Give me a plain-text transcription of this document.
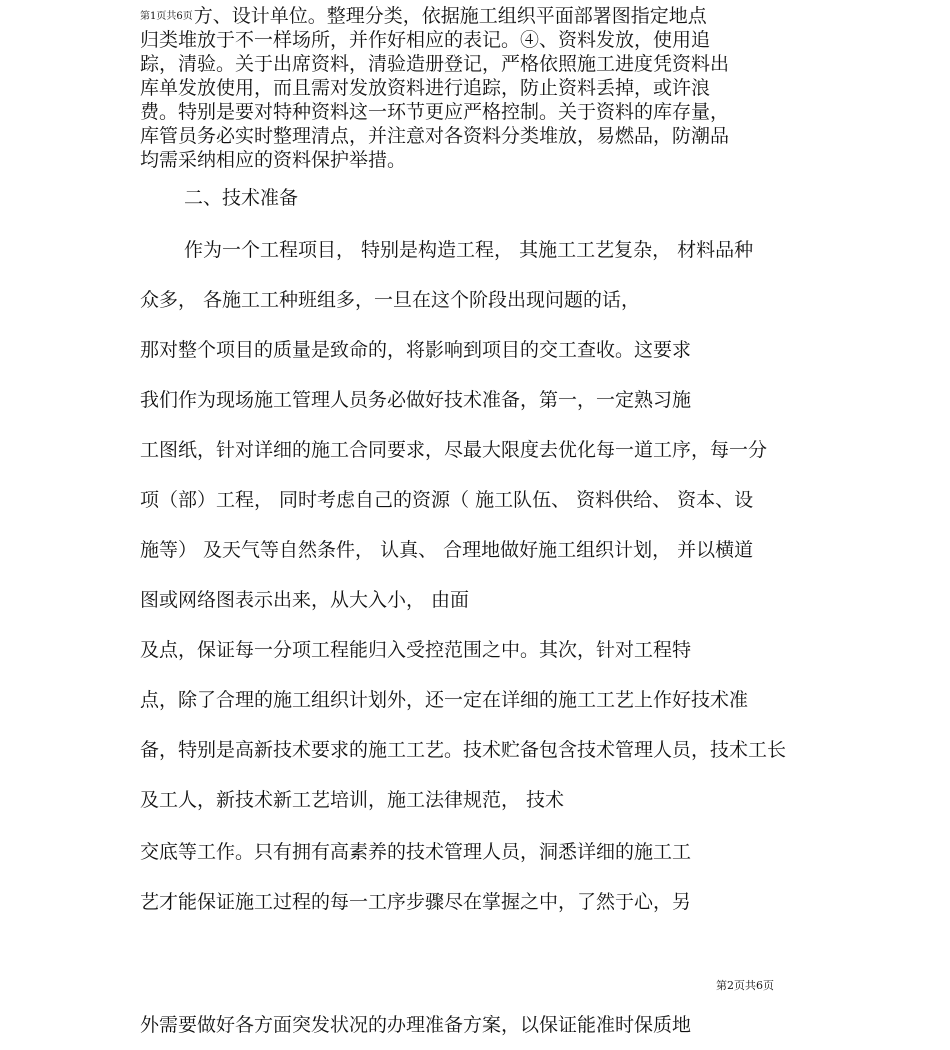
第1页共6页方、设计单位。整理分类，依据施工组织平面部署图指定地点
归类堆放于不一样场所，并作好相应的表记。④、资料发放，使用追
踪，清验。关于出席资料，清验造册登记，严格依照施工进度凭资料出
库单发放使用，而且需对发放资料进行追踪，防止资料丢掉，或许浪
费。特别是要对特种资料这一环节更应严格控制。关于资料的库存量，
库管员务必实时整理清点，并注意对各资料分类堆放，易燃品，防潮品
均需采纳相应的资料保护举措。
二、技术准备
作为一个工程项目， 特别是构造工程， 其施工工艺复杂， 材料品种
众多， 各施工工种班组多，一旦在这个阶段出现问题的话，
那对整个项目的质量是致命的，将影响到项目的交工查收。这要求
我们作为现场施工管理人员务必做好技术准备，第一，一定熟习施
工图纸，针对详细的施工合同要求，尽最大限度去优化每一道工序，每一分
项（部）工程， 同时考虑自己的资源（ 施工队伍、 资料供给、 资本、设
施等） 及天气等自然条件， 认真、 合理地做好施工组织计划， 并以横道
图或网络图表示出来，从大入小， 由面
及点，保证每一分项工程能归入受控范围之中。其次，针对工程特
点，除了合理的施工组织计划外，还一定在详细的施工工艺上作好技术准
备，特别是高新技术要求的施工工艺。技术贮备包含技术管理人员，技术工长
及工人，新技术新工艺培训，施工法律规范， 技术
交底等工作。只有拥有高素养的技术管理人员，洞悉详细的施工工
艺才能保证施工过程的每一工序步骤尽在掌握之中，了然于心，另
第2页共6页
外需要做好各方面突发状况的办理准备方案，以保证能准时保质地
